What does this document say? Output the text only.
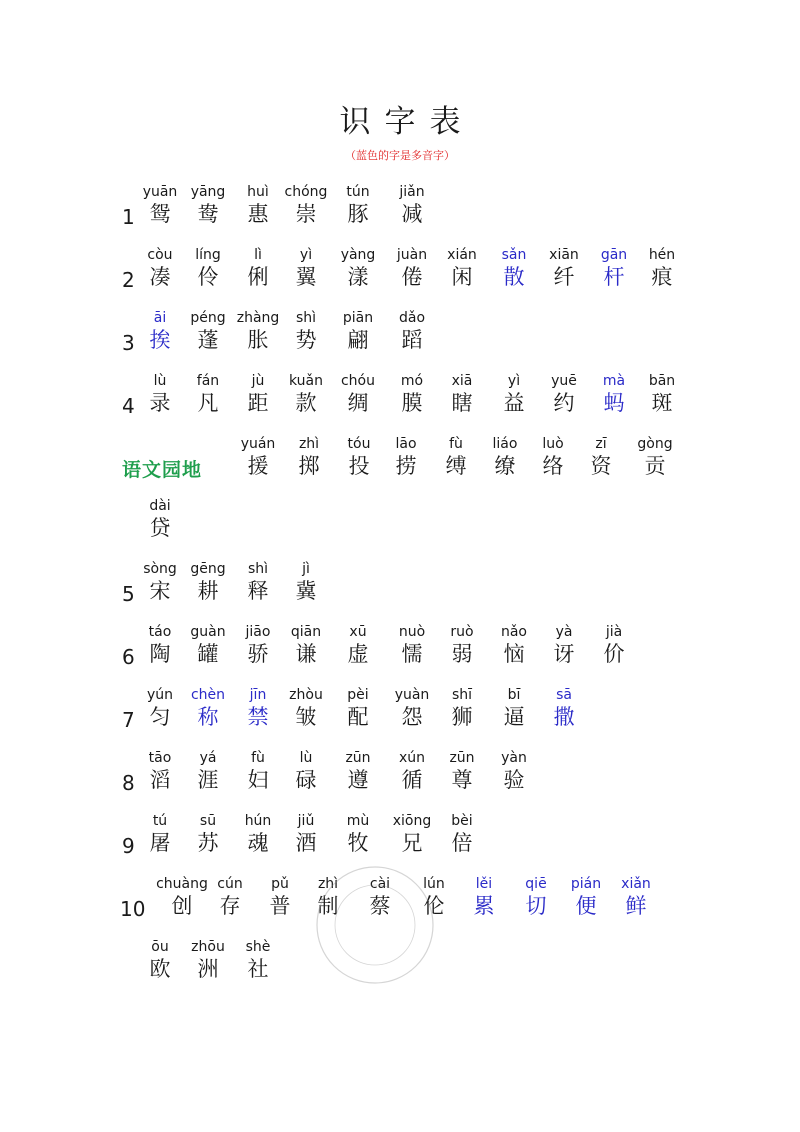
识字表
（蓝色的字是多音字）
1
yuān
鸳
yāng
鸯
huì
惠
chóng
崇
tún
豚
jiǎn
减
2
còu
凑
líng
伶
lì
俐
yì
翼
yàng
漾
juàn
倦
xián
闲
sǎn
散
xiān
纤
gān
杆
hén
痕
3
āi
挨
péng
蓬
zhàng
胀
shì
势
piān
翩
dǎo
蹈
4
lù
录
fán
凡
jù
距
kuǎn
款
chóu
绸
mó
膜
xiā
瞎
yì
益
yuē
约
mà
蚂
bān
斑
语文园地
yuán
援
zhì
掷
tóu
投
lāo
捞
fù
缚
liáo
缭
luò
络
zī
资
gòng
贡
dài
贷
5
sòng
宋
gēng
耕
shì
释
jì
冀
6
táo
陶
guàn
罐
jiāo
骄
qiān
谦
xū
虚
nuò
懦
ruò
弱
nǎo
恼
yà
讶
jià
价
7
yún
匀
chèn
称
jīn
禁
zhòu
皱
pèi
配
yuàn
怨
shī
狮
bī
逼
sā
撒
8
tāo
滔
yá
涯
fù
妇
lù
碌
zūn
遵
xún
循
zūn
尊
yàn
验
9
tú
屠
sū
苏
hún
魂
jiǔ
酒
mù
牧
xiōng
兄
bèi
倍
10
chuàng
创
cún
存
pǔ
普
zhì
制
cài
蔡
lún
伦
lěi
累
qiē
切
pián
便
xiǎn
鲜
ōu
欧
zhōu
洲
shè
社
